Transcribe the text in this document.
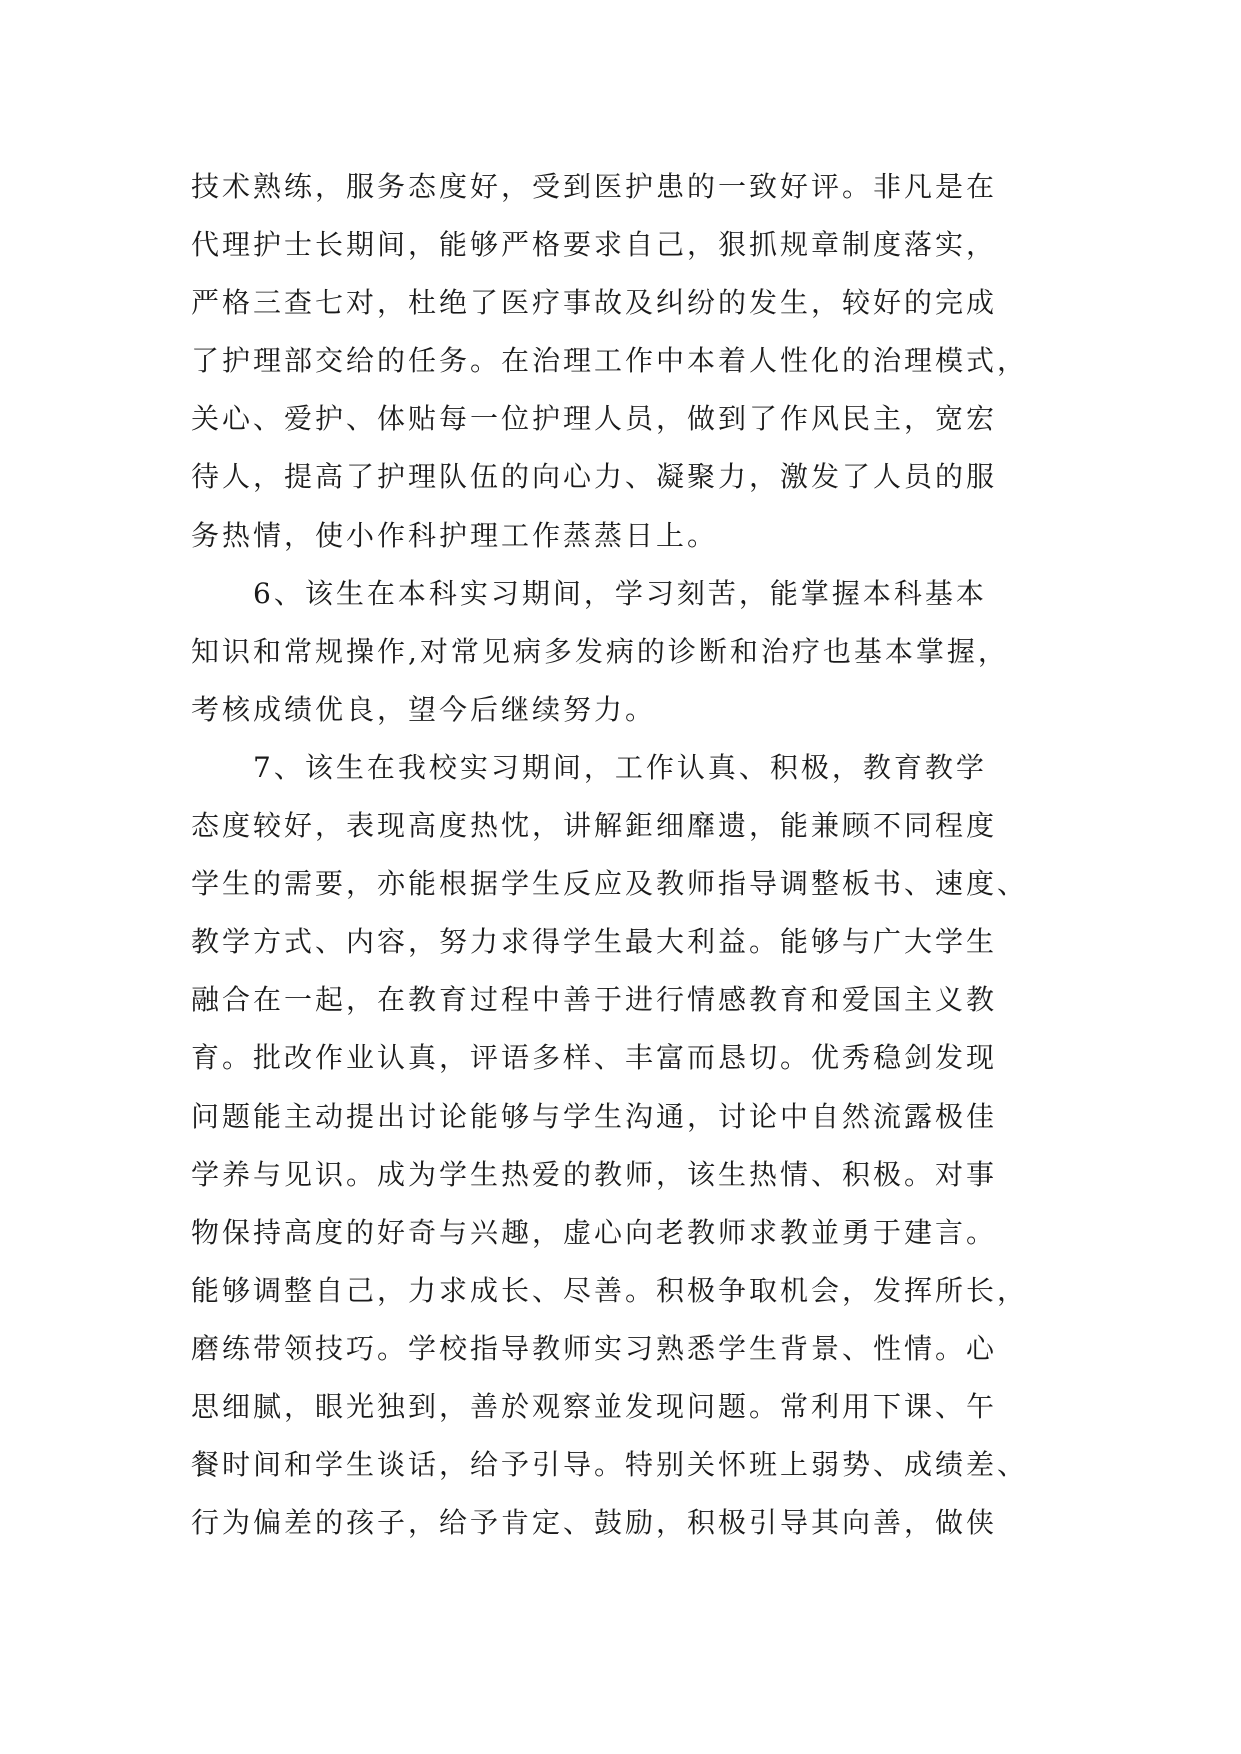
技术熟练，服务态度好，受到医护患的一致好评。非凡是在
代理护士长期间，能够严格要求自己，狠抓规章制度落实，
严格三查七对，杜绝了医疗事故及纠纷的发生，较好的完成
了护理部交给的任务。在治理工作中本着人性化的治理模式，
关心、爱护、体贴每一位护理人员，做到了作风民主，宽宏
待人，提高了护理队伍的向心力、凝聚力，激发了人员的服
务热情，使小作科护理工作蒸蒸日上。
　　6、该生在本科实习期间，学习刻苦，能掌握本科基本
知识和常规操作,对常见病多发病的诊断和治疗也基本掌握，
考核成绩优良，望今后继续努力。
　　7、该生在我校实习期间，工作认真、积极，教育教学
态度较好，表现高度热忱，讲解鉅细靡遗，能兼顾不同程度
学生的需要，亦能根据学生反应及教师指导调整板书、速度、
教学方式、内容，努力求得学生最大利益。能够与广大学生
融合在一起，在教育过程中善于进行情感教育和爱国主义教
育。批改作业认真，评语多样、丰富而恳切。优秀稳剑发现
问题能主动提出讨论能够与学生沟通，讨论中自然流露极佳
学养与见识。成为学生热爱的教师，该生热情、积极。对事
物保持高度的好奇与兴趣，虚心向老教师求教並勇于建言。
能够调整自己，力求成长、尽善。积极争取机会，发挥所长，
磨练带领技巧。学校指导教师实习熟悉学生背景、性情。心
思细腻，眼光独到，善於观察並发现问题。常利用下课、午
餐时间和学生谈话，给予引导。特别关怀班上弱势、成绩差、
行为偏差的孩子，给予肯定、鼓励，积极引导其向善，做侠
